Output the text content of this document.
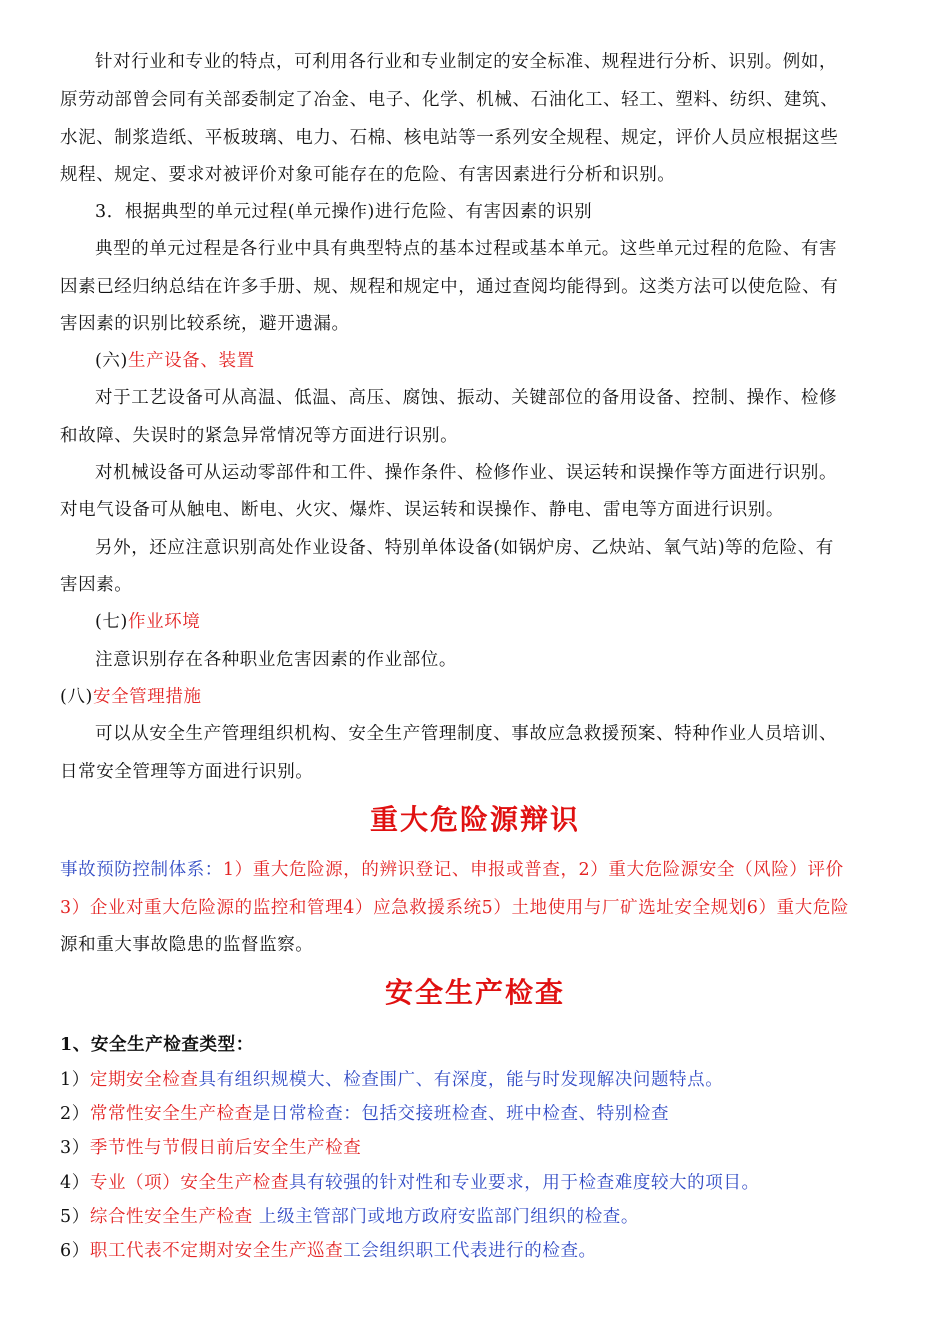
针对行业和专业的特点，可利用各行业和专业制定的安全标准、规程进行分析、识别。例如，
原劳动部曾会同有关部委制定了冶金、电子、化学、机械、石油化工、轻工、塑料、纺织、建筑、
水泥、制浆造纸、平板玻璃、电力、石棉、核电站等一系列安全规程、规定，评价人员应根据这些
规程、规定、要求对被评价对象可能存在的危险、有害因素进行分析和识别。
3．根据典型的单元过程(单元操作)进行危险、有害因素的识别
典型的单元过程是各行业中具有典型特点的基本过程或基本单元。这些单元过程的危险、有害
因素已经归纳总结在许多手册、规、规程和规定中，通过查阅均能得到。这类方法可以使危险、有
害因素的识别比较系统，避开遗漏。
(六)生产设备、装置
对于工艺设备可从高温、低温、高压、腐蚀、振动、关键部位的备用设备、控制、操作、检修
和故障、失误时的紧急异常情况等方面进行识别。
对机械设备可从运动零部件和工件、操作条件、检修作业、误运转和误操作等方面进行识别。
对电气设备可从触电、断电、火灾、爆炸、误运转和误操作、静电、雷电等方面进行识别。
另外，还应注意识别高处作业设备、特别单体设备(如锅炉房、乙炔站、氧气站)等的危险、有
害因素。
(七)作业环境
注意识别存在各种职业危害因素的作业部位。
(八)安全管理措施
可以从安全生产管理组织机构、安全生产管理制度、事故应急救援预案、特种作业人员培训、
日常安全管理等方面进行识别。
重大危险源辩识
事故预防控制体系：1）重大危险源，的辨识登记、申报或普查，2）重大危险源安全（风险）评价
3）企业对重大危险源的监控和管理4）应急救援系统5）土地使用与厂矿选址安全规划6）重大危险
源和重大事故隐患的监督监察。
安全生产检查
1、安全生产检查类型：
1）定期安全检查具有组织规模大、检查围广、有深度，能与时发现解决问题特点。
2）常常性安全生产检查是日常检查：包括交接班检查、班中检查、特别检查
3）季节性与节假日前后安全生产检查
4）专业（项）安全生产检查具有较强的针对性和专业要求，用于检查难度较大的项目。
5）综合性安全生产检查 上级主管部门或地方政府安监部门组织的检查。
6）职工代表不定期对安全生产巡查工会组织职工代表进行的检查。
